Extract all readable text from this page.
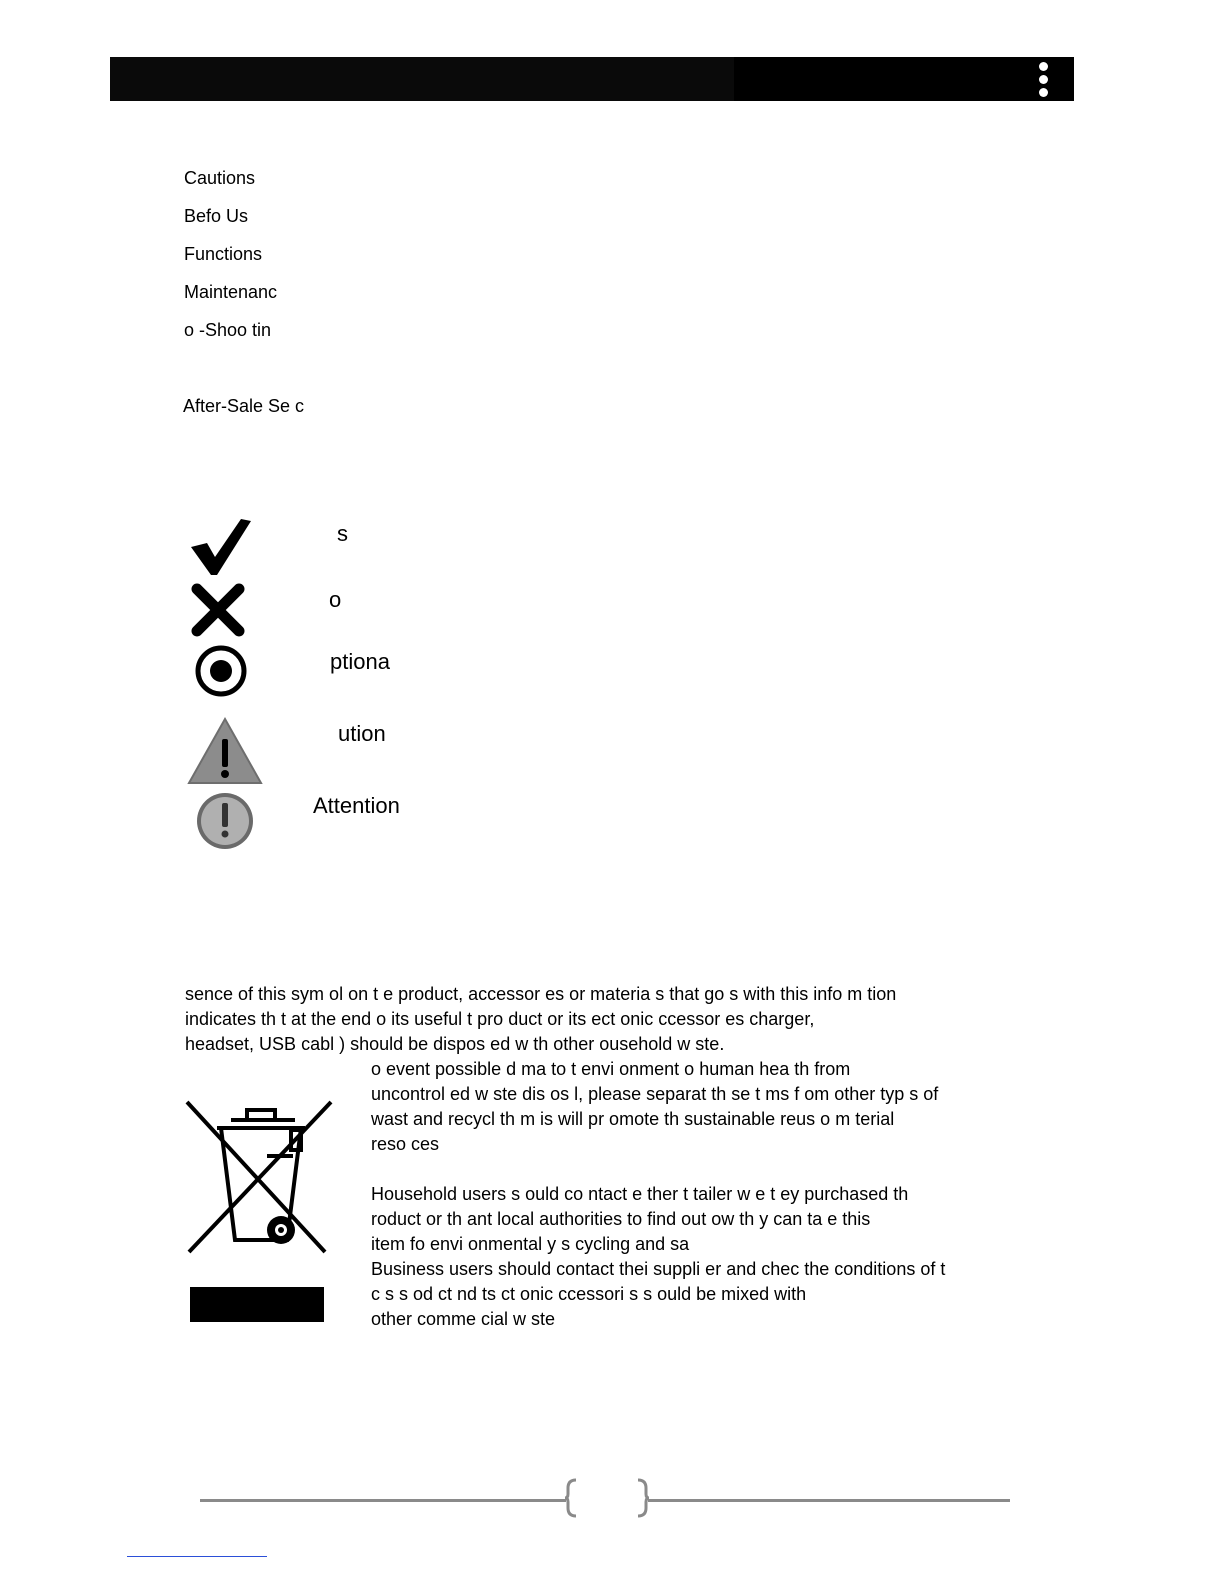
Cautions
Befo Us
Functions
Maintenanc
o -Shoo tin
After-Sale Se c
s
o
ptiona
ution
Attention

sence of this sym ol on t e product, accessor es or materia s that go s with this info m tion

indicates th t at the end o its useful t pro duct or its ect onic ccessor es charger,

headset, USB cabl ) should be dispos ed w th other ousehold w ste.

o event possible d ma to t envi onment o human hea th from

uncontrol ed w ste dis os l, please separat th se t ms f om other typ s of

wast and recycl th m is will pr omote th sustainable reus o m terial

reso ces

Household users s ould co ntact e ther t tailer w e t ey purchased th

roduct or th ant local authorities to find out ow th y can ta e this

item fo envi onmental y s cycling and sa

Business users should contact thei suppli er and chec the conditions of t

c s s od ct nd ts ct onic ccessori s s ould be mixed with

other comme cial w ste
